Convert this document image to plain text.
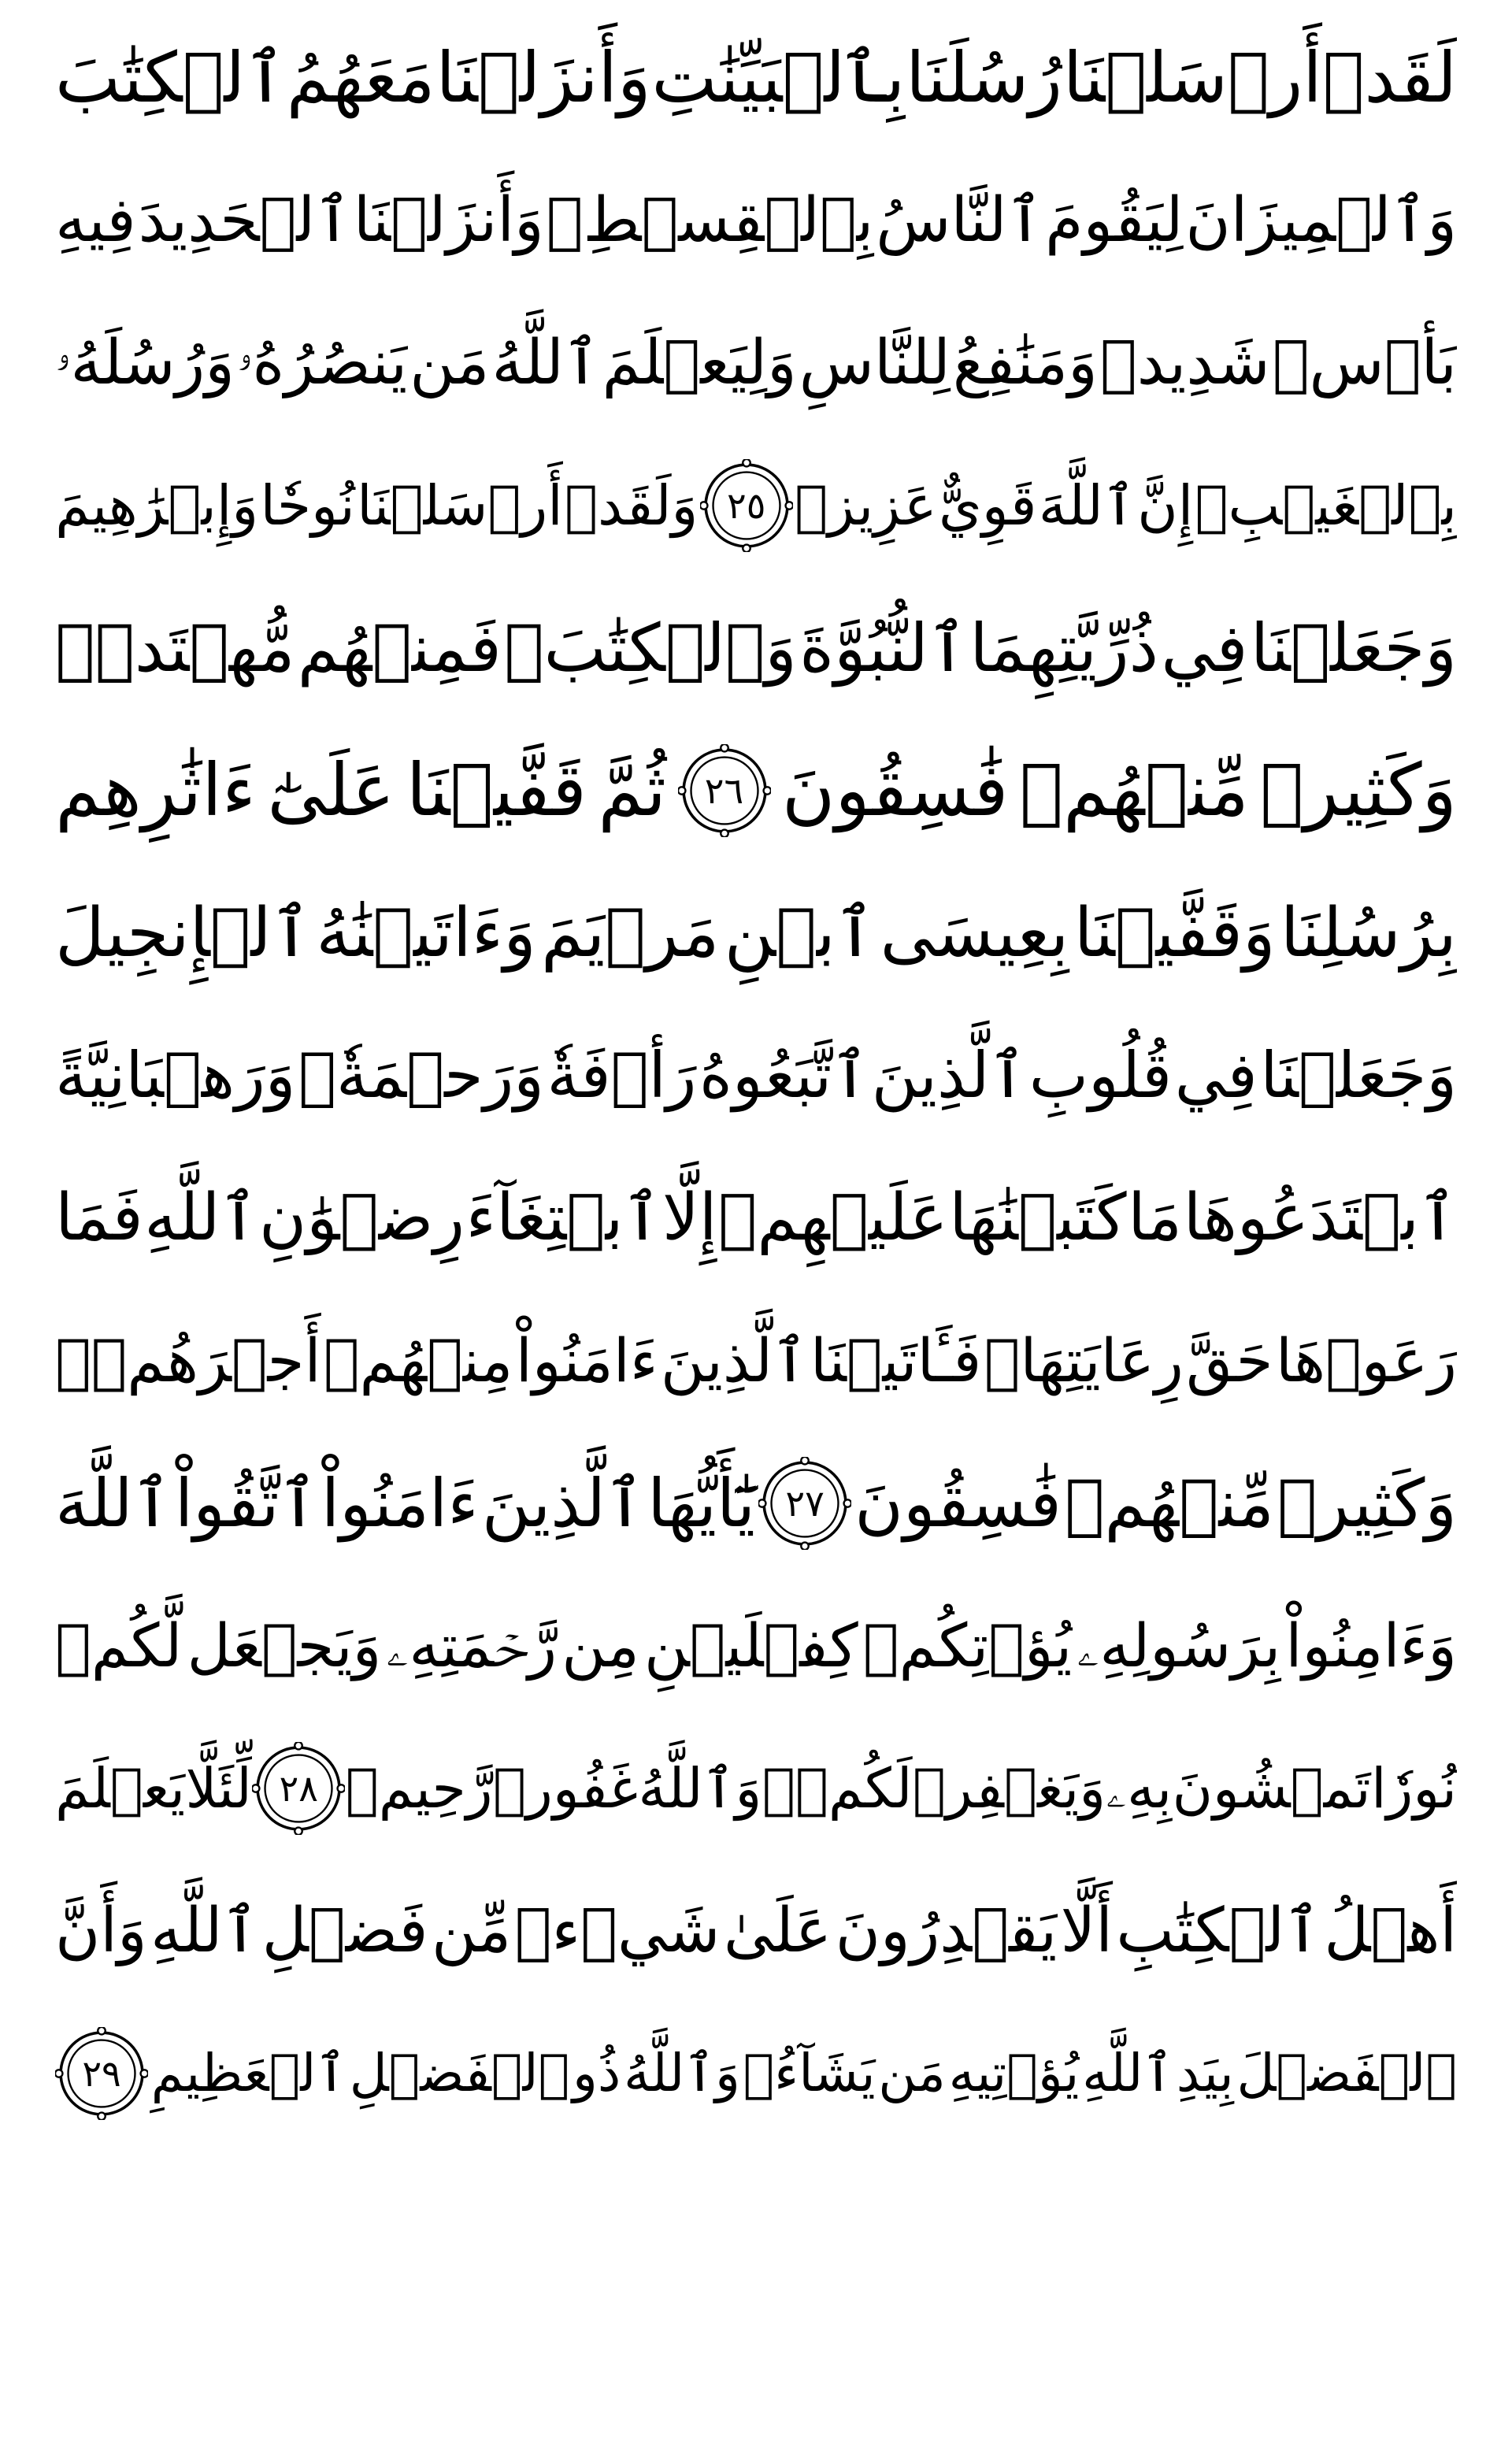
لَقَدۡ
أَرۡسَلۡنَا
رُسُلَنَا
بِٱلۡبَيِّنَٰتِ
وَأَنزَلۡنَا
مَعَهُمُ
ٱلۡكِتَٰبَ
وَٱلۡمِيزَانَ
لِيَقُومَ
ٱلنَّاسُ
بِٱلۡقِسۡطِۖ
وَأَنزَلۡنَا
ٱلۡحَدِيدَ
فِيهِ
بَأۡسٞ
شَدِيدٞ
وَمَنَٰفِعُ
لِلنَّاسِ
وَلِيَعۡلَمَ
ٱللَّهُ
مَن
يَنصُرُهُۥ
وَرُسُلَهُۥ
بِٱلۡغَيۡبِۚ
إِنَّ
ٱللَّهَ
قَوِيٌّ
عَزِيزٞ
٢٥
وَلَقَدۡ
أَرۡسَلۡنَا
نُوحٗا
وَإِبۡرَٰهِيمَ
وَجَعَلۡنَا
فِي
ذُرِّيَّتِهِمَا
ٱلنُّبُوَّةَ
وَٱلۡكِتَٰبَۖ
فَمِنۡهُم
مُّهۡتَدٖۖ
وَكَثِيرٞ
مِّنۡهُمۡ
فَٰسِقُونَ
٢٦
ثُمَّ
قَفَّيۡنَا
عَلَىٰٓ
ءَاثَٰرِهِم
بِرُسُلِنَا
وَقَفَّيۡنَا
بِعِيسَى
ٱبۡنِ
مَرۡيَمَ
وَءَاتَيۡنَٰهُ
ٱلۡإِنجِيلَ
وَجَعَلۡنَا
فِي
قُلُوبِ
ٱلَّذِينَ
ٱتَّبَعُوهُ
رَأۡفَةٗ
وَرَحۡمَةٗۚ
وَرَهۡبَانِيَّةً
ٱبۡتَدَعُوهَا
مَا
كَتَبۡنَٰهَا
عَلَيۡهِمۡ
إِلَّا
ٱبۡتِغَآءَ
رِضۡوَٰنِ
ٱللَّهِ
فَمَا
رَعَوۡهَا
حَقَّ
رِعَايَتِهَاۖ
فَـَٔاتَيۡنَا
ٱلَّذِينَ
ءَامَنُواْ
مِنۡهُمۡ
أَجۡرَهُمۡۖ
وَكَثِيرٞ
مِّنۡهُمۡ
فَٰسِقُونَ
٢٧
يَٰٓأَيُّهَا
ٱلَّذِينَ
ءَامَنُواْ
ٱتَّقُواْ
ٱللَّهَ
وَءَامِنُواْ
بِرَسُولِهِۦ
يُؤۡتِكُمۡ
كِفۡلَيۡنِ
مِن
رَّحۡمَتِهِۦ
وَيَجۡعَل
لَّكُمۡ
نُورٗا
تَمۡشُونَ
بِهِۦ
وَيَغۡفِرۡ
لَكُمۡۚ
وَٱللَّهُ
غَفُورٞ
رَّحِيمٞ
٢٨
لِّئَلَّا
يَعۡلَمَ
أَهۡلُ
ٱلۡكِتَٰبِ
أَلَّا
يَقۡدِرُونَ
عَلَىٰ
شَيۡءٖ
مِّن
فَضۡلِ
ٱللَّهِ
وَأَنَّ
ٱلۡفَضۡلَ
بِيَدِ
ٱللَّهِ
يُؤۡتِيهِ
مَن
يَشَآءُۚ
وَٱللَّهُ
ذُو
ٱلۡفَضۡلِ
ٱلۡعَظِيمِ
٢٩
